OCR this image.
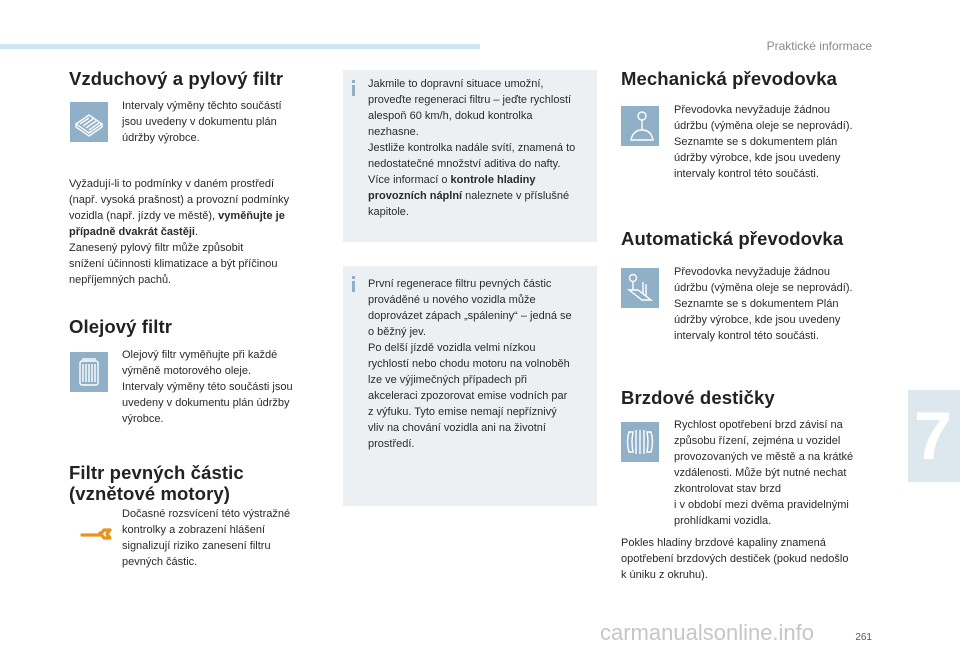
Praktické informace
7
261
carmanualsonline.info
Vzduchový a pylový filtr
Intervaly výměny těchto součástí
jsou uvedeny v dokumentu plán
údržby výrobce.
Vyžadují-li to podmínky v daném prostředí
(např. vysoká prašnost) a provozní podmínky
vozidla (např. jízdy ve městě), vyměňujte je
případně dvakrát častěji.
Zanesený pylový filtr může způsobit
snížení účinnosti klimatizace a být příčinou
nepříjemných pachů.
Olejový filtr
Olejový filtr vyměňujte při každé
výměně motorového oleje.
Intervaly výměny této součásti jsou
uvedeny v dokumentu plán údržby
výrobce.
Filtr pevných částic
(vznětové motory)
Dočasné rozsvícení této výstražné
kontrolky a zobrazení hlášení
signalizují riziko zanesení filtru
pevných částic.
Jakmile to dopravní situace umožní,
proveďte regeneraci filtru – jeďte rychlostí
alespoň 60 km/h, dokud kontrolka
nezhasne.
Jestliže kontrolka nadále svítí, znamená to
nedostatečné množství aditiva do nafty.
Více informací o kontrole hladiny
provozních náplní naleznete v příslušné
kapitole.
První regenerace filtru pevných částic
prováděné u nového vozidla může
doprovázet zápach „spáleniny“ – jedná se
o běžný jev.
Po delší jízdě vozidla velmi nízkou
rychlostí nebo chodu motoru na volnoběh
lze ve výjimečných případech při
akceleraci zpozorovat emise vodních par
z výfuku. Tyto emise nemají nepříznivý
vliv na chování vozidla ani na životní
prostředí.
Mechanická převodovka
Převodovka nevyžaduje žádnou
údržbu (výměna oleje se neprovádí).
Seznamte se s dokumentem plán
údržby výrobce, kde jsou uvedeny
intervaly kontrol této součásti.
Automatická převodovka
Převodovka nevyžaduje žádnou
údržbu (výměna oleje se neprovádí).
Seznamte se s dokumentem Plán
údržby výrobce, kde jsou uvedeny
intervaly kontrol této součásti.
Brzdové destičky
Rychlost opotřebení brzd závisí na
způsobu řízení, zejména u vozidel
provozovaných ve městě a na krátké
vzdálenosti. Může být nutné nechat
zkontrolovat stav brzd
i v období mezi dvěma pravidelnými
prohlídkami vozidla.
Pokles hladiny brzdové kapaliny znamená
opotřebení brzdových destiček (pokud nedošlo
k úniku z okruhu).
